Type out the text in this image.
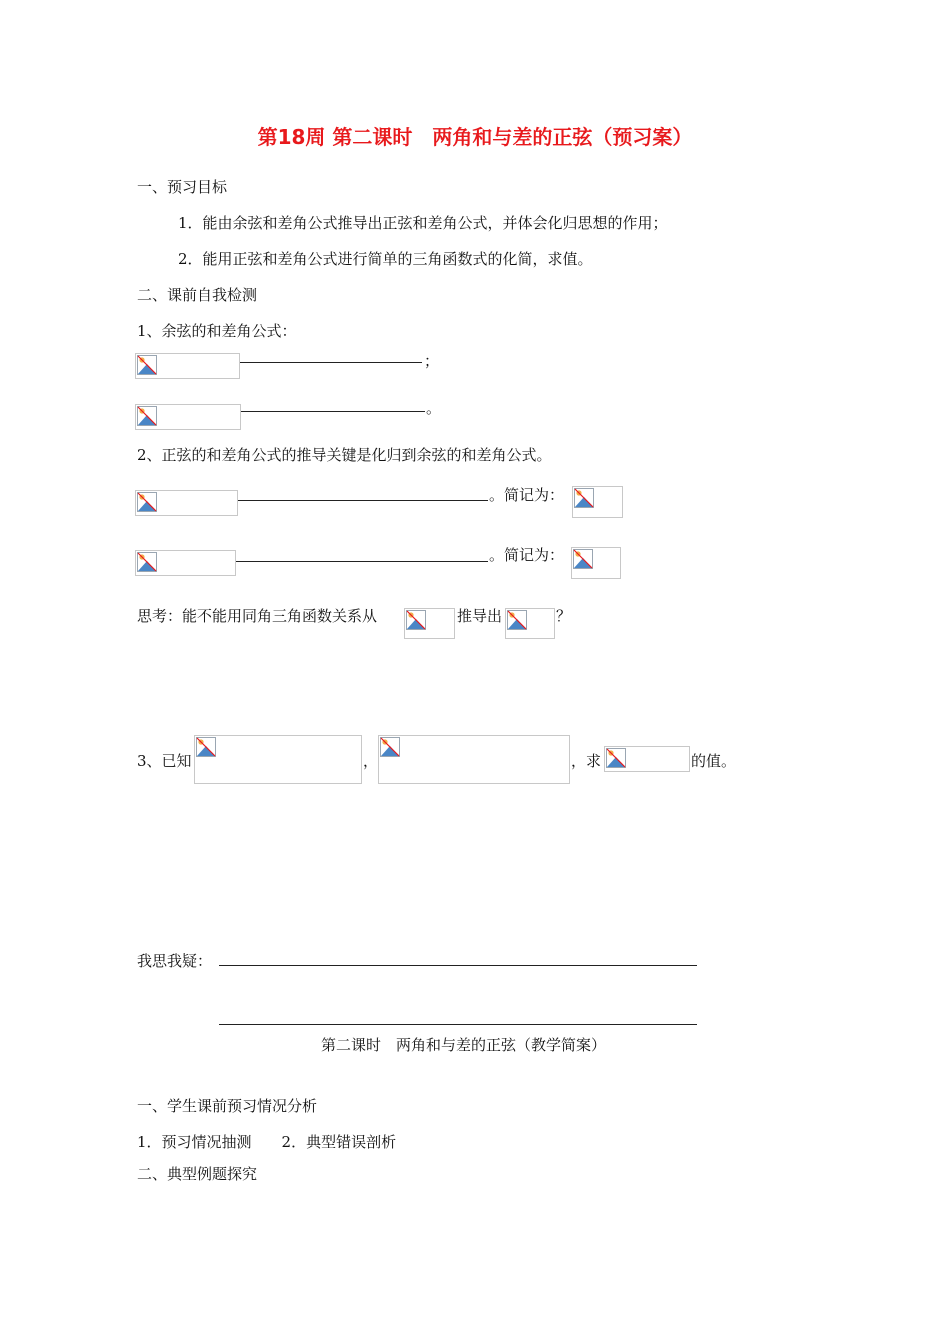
第18周 第二课时　两角和与差的正弦（预习案）
一、预习目标
1．能由余弦和差角公式推导出正弦和差角公式，并体会化归思想的作用；
2．能用正弦和差角公式进行简单的三角函数式的化简，求值。
二、课前自我检测
1、余弦的和差角公式：
；
。
2、正弦的和差角公式的推导关键是化归到余弦的和差角公式。
。简记为：
。简记为：
思考：能不能用同角三角函数关系从	推导出	？
3、已知	，	，求	的值。
我思我疑：
第二课时　两角和与差的正弦（教学简案）
一、学生课前预习情况分析
1．预习情况抽测　　2．典型错误剖析
二、典型例题探究
